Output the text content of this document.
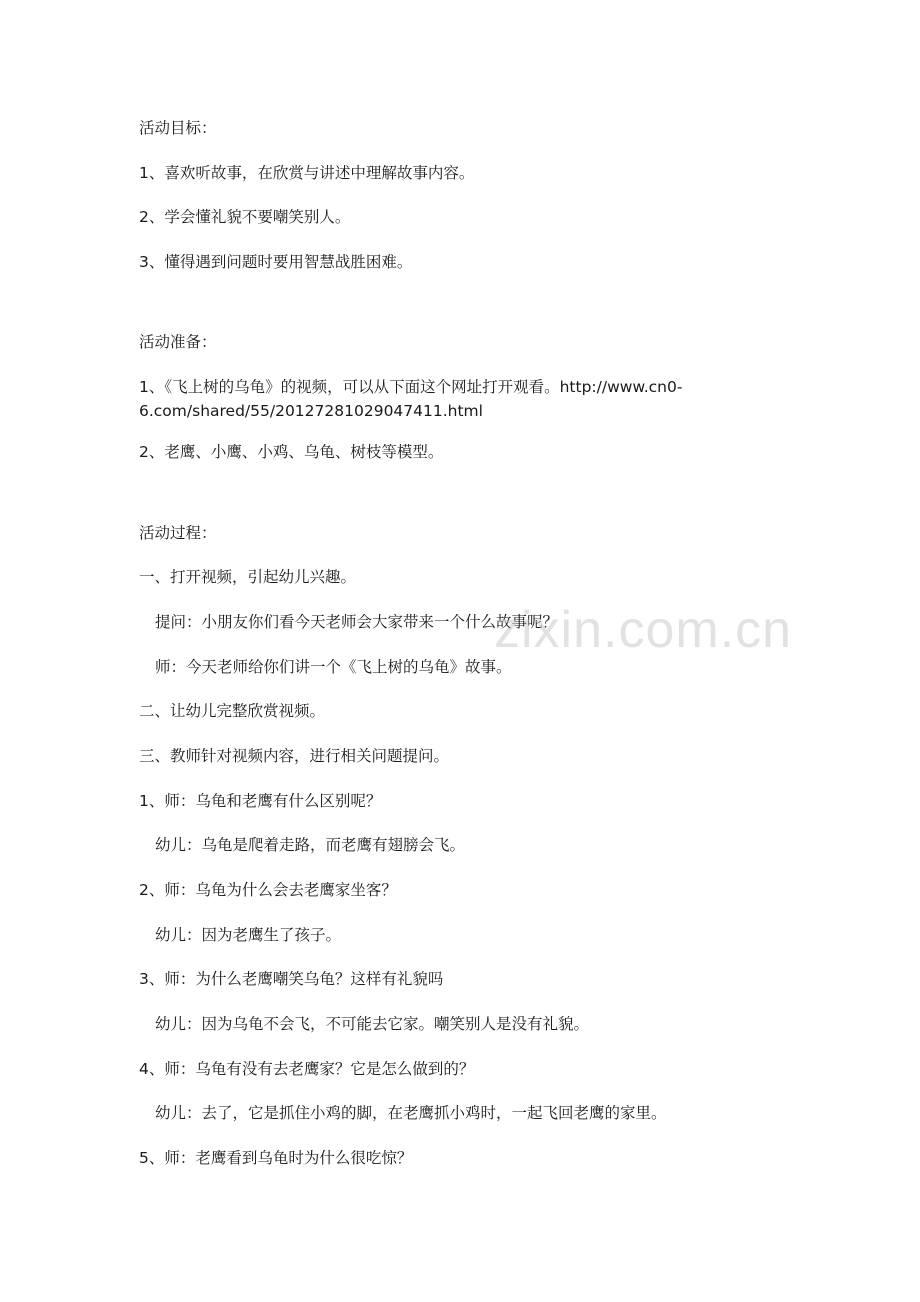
活动目标：

1、喜欢听故事，在欣赏与讲述中理解故事内容。

2、学会懂礼貌不要嘲笑别人。

3、懂得遇到问题时要用智慧战胜困难。

活动准备：

1、《飞上树的乌龟》的视频，可以从下面这个网址打开观看。http://www.cn0-

6.com/shared/55/20127281029047411.html

2、老鹰、小鹰、小鸡、乌龟、树枝等模型。

活动过程：

一、打开视频，引起幼儿兴趣。

提问：小朋友你们看今天老师会大家带来一个什么故事呢？

师：今天老师给你们讲一个《飞上树的乌龟》故事。

二、让幼儿完整欣赏视频。

三、教师针对视频内容，进行相关问题提问。

1、师：乌龟和老鹰有什么区别呢？

幼儿：乌龟是爬着走路，而老鹰有翅膀会飞。

2、师：乌龟为什么会去老鹰家坐客？

幼儿：因为老鹰生了孩子。

3、师：为什么老鹰嘲笑乌龟？这样有礼貌吗

幼儿：因为乌龟不会飞，不可能去它家。嘲笑别人是没有礼貌。

4、师：乌龟有没有去老鹰家？它是怎么做到的？

幼儿：去了，它是抓住小鸡的脚，在老鹰抓小鸡时，一起飞回老鹰的家里。

5、师：老鹰看到乌龟时为什么很吃惊？

zixin.com.cn
